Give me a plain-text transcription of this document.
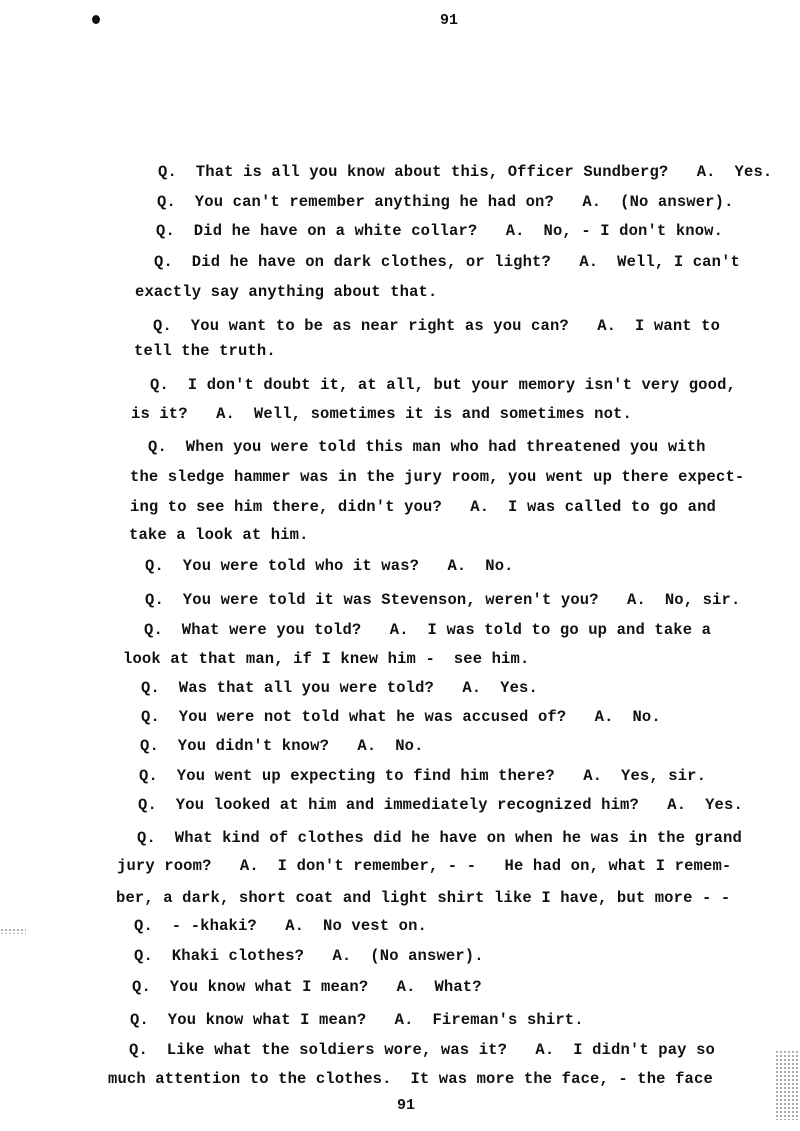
91
Q.  That is all you know about this, Officer Sundberg?   A.  Yes.
Q.  You can't remember anything he had on?   A.  (No answer).
Q.  Did he have on a white collar?   A.  No, - I don't know.
Q.  Did he have on dark clothes, or light?   A.  Well, I can't
exactly say anything about that.
Q.  You want to be as near right as you can?   A.  I want to
tell the truth.
Q.  I don't doubt it, at all, but your memory isn't very good,
is it?   A.  Well, sometimes it is and sometimes not.
Q.  When you were told this man who had threatened you with
the sledge hammer was in the jury room, you went up there expect-
ing to see him there, didn't you?   A.  I was called to go and
take a look at him.
Q.  You were told who it was?   A.  No.
Q.  You were told it was Stevenson, weren't you?   A.  No, sir.
Q.  What were you told?   A.  I was told to go up and take a
look at that man, if I knew him -  see him.
Q.  Was that all you were told?   A.  Yes.
Q.  You were not told what he was accused of?   A.  No.
Q.  You didn't know?   A.  No.
Q.  You went up expecting to find him there?   A.  Yes, sir.
Q.  You looked at him and immediately recognized him?   A.  Yes.
Q.  What kind of clothes did he have on when he was in the grand
jury room?   A.  I don't remember, - -   He had on, what I remem-
ber, a dark, short coat and light shirt like I have, but more - -
Q.  - -khaki?   A.  No vest on.
Q.  Khaki clothes?   A.  (No answer).
Q.  You know what I mean?   A.  What?
Q.  You know what I mean?   A.  Fireman's shirt.
Q.  Like what the soldiers wore, was it?   A.  I didn't pay so
much attention to the clothes.  It was more the face, - the face
91
